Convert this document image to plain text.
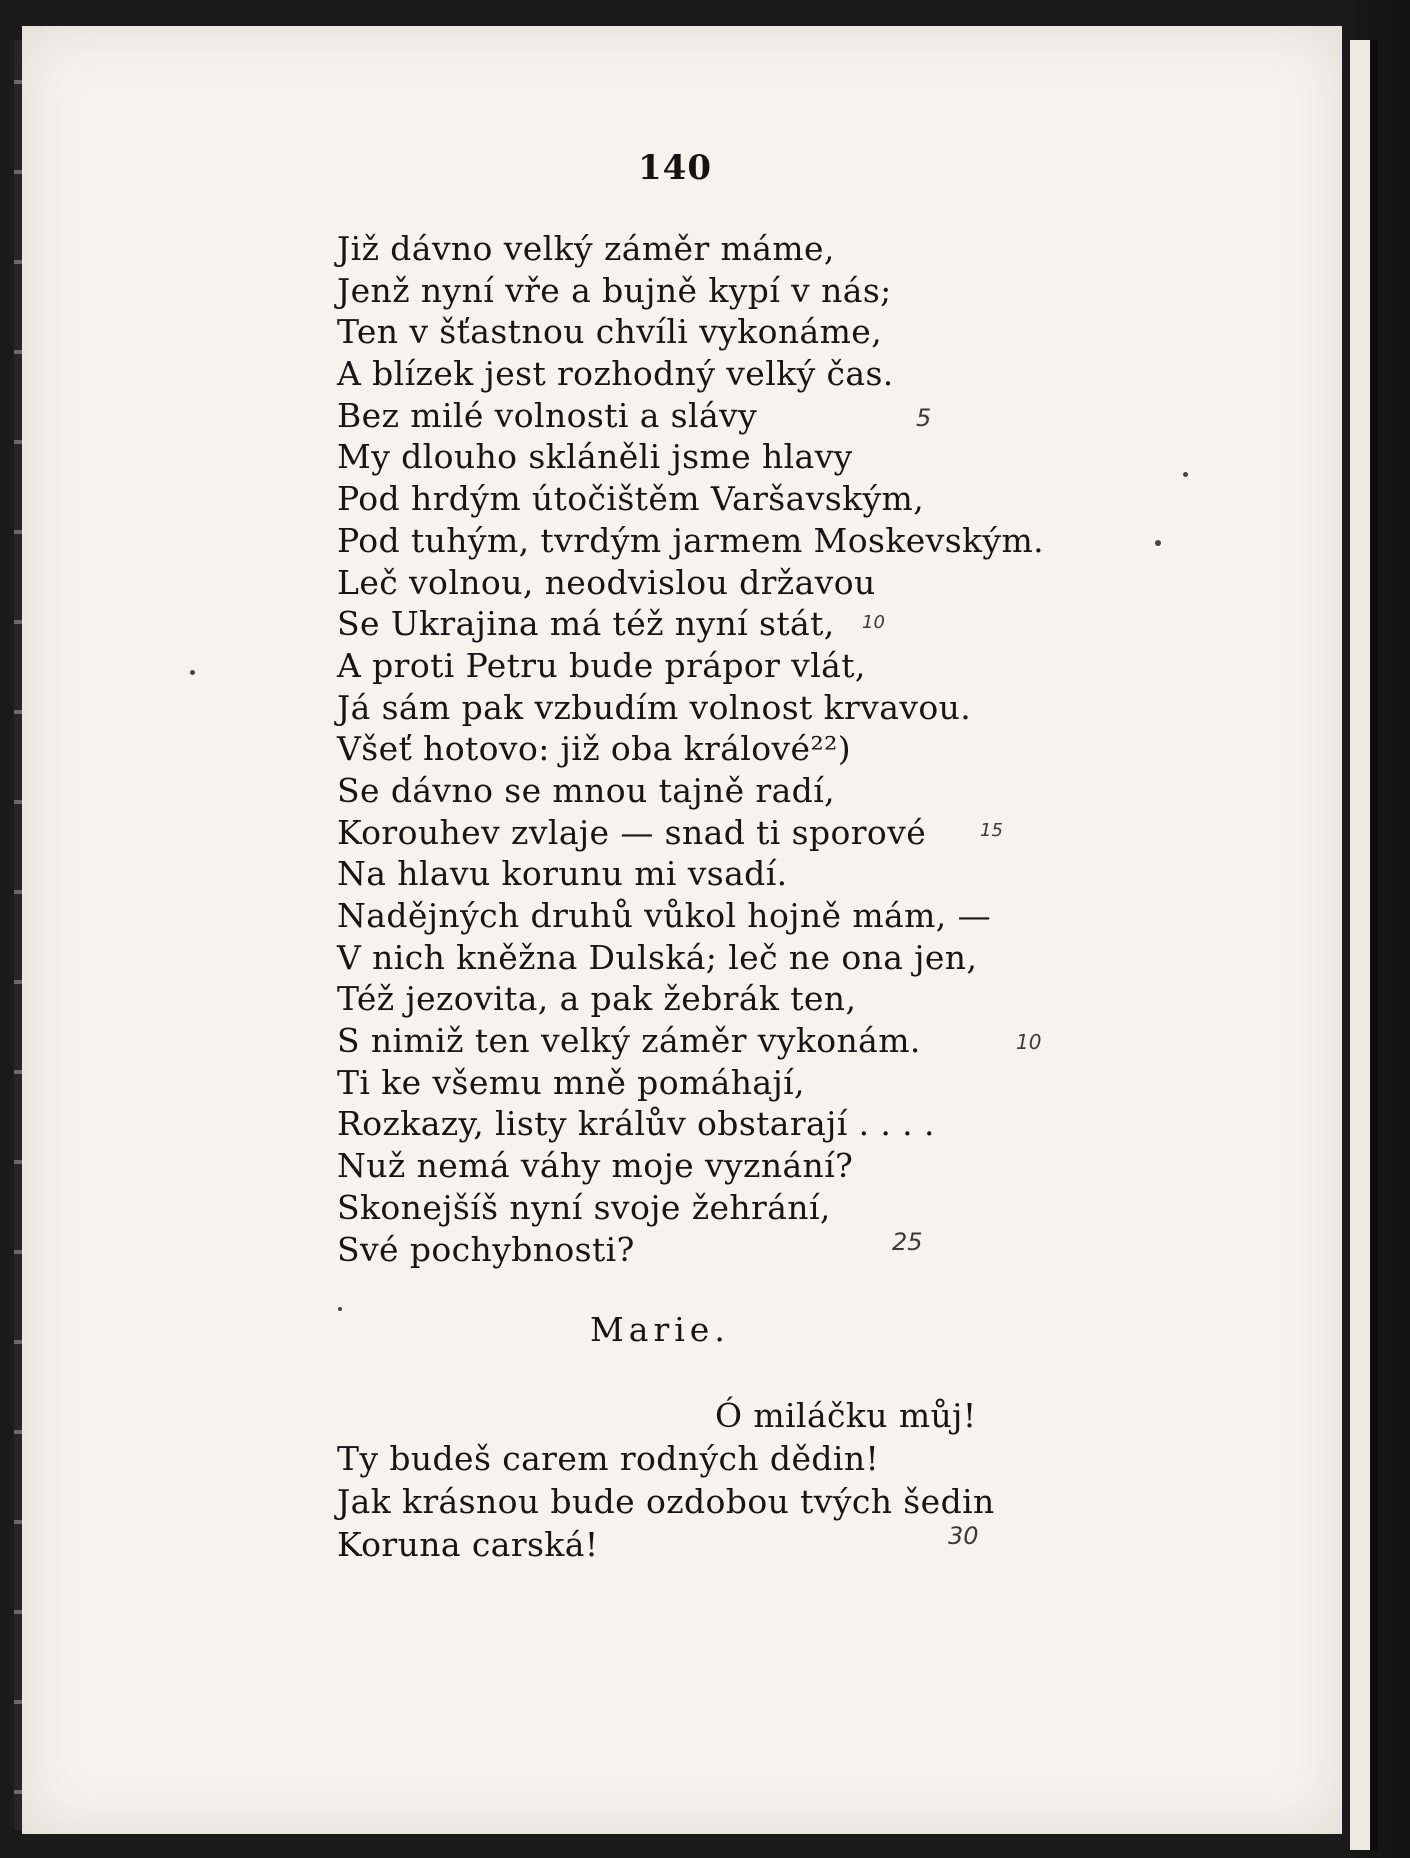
140
Již dávno velký záměr máme,
Jenž nyní vře a bujně kypí v nás;
Ten v šťastnou chvíli vykonáme,
A blízek jest rozhodný velký čas.
Bez milé volnosti a slávy
My dlouho skláněli jsme hlavy
Pod hrdým útočištěm Varšavským,
Pod tuhým, tvrdým jarmem Moskevským.
Leč volnou, neodvislou državou
Se Ukrajina má též nyní stát,
A proti Petru bude prápor vlát,
Já sám pak vzbudím volnost krvavou.
Všeť hotovo: již oba králové²²)
Se dávno se mnou tajně radí,
Korouhev zvlaje — snad ti sporové
Na hlavu korunu mi vsadí.
Nadějných druhů vůkol hojně mám, —
V nich kněžna Dulská; leč ne ona jen,
Též jezovita, a pak žebrák ten,
S nimiž ten velký záměr vykonám.
Ti ke všemu mně pomáhají,
Rozkazy, listy králův obstarají . . . .
Nuž nemá váhy moje vyznání?
Skonejšíš nyní svoje žehrání,
Své pochybnosti?
Marie.
Ó miláčku můj!
Ty budeš carem rodných dědin!
Jak krásnou bude ozdobou tvých šedin
Koruna carská!
5
10
15
10
25
30
